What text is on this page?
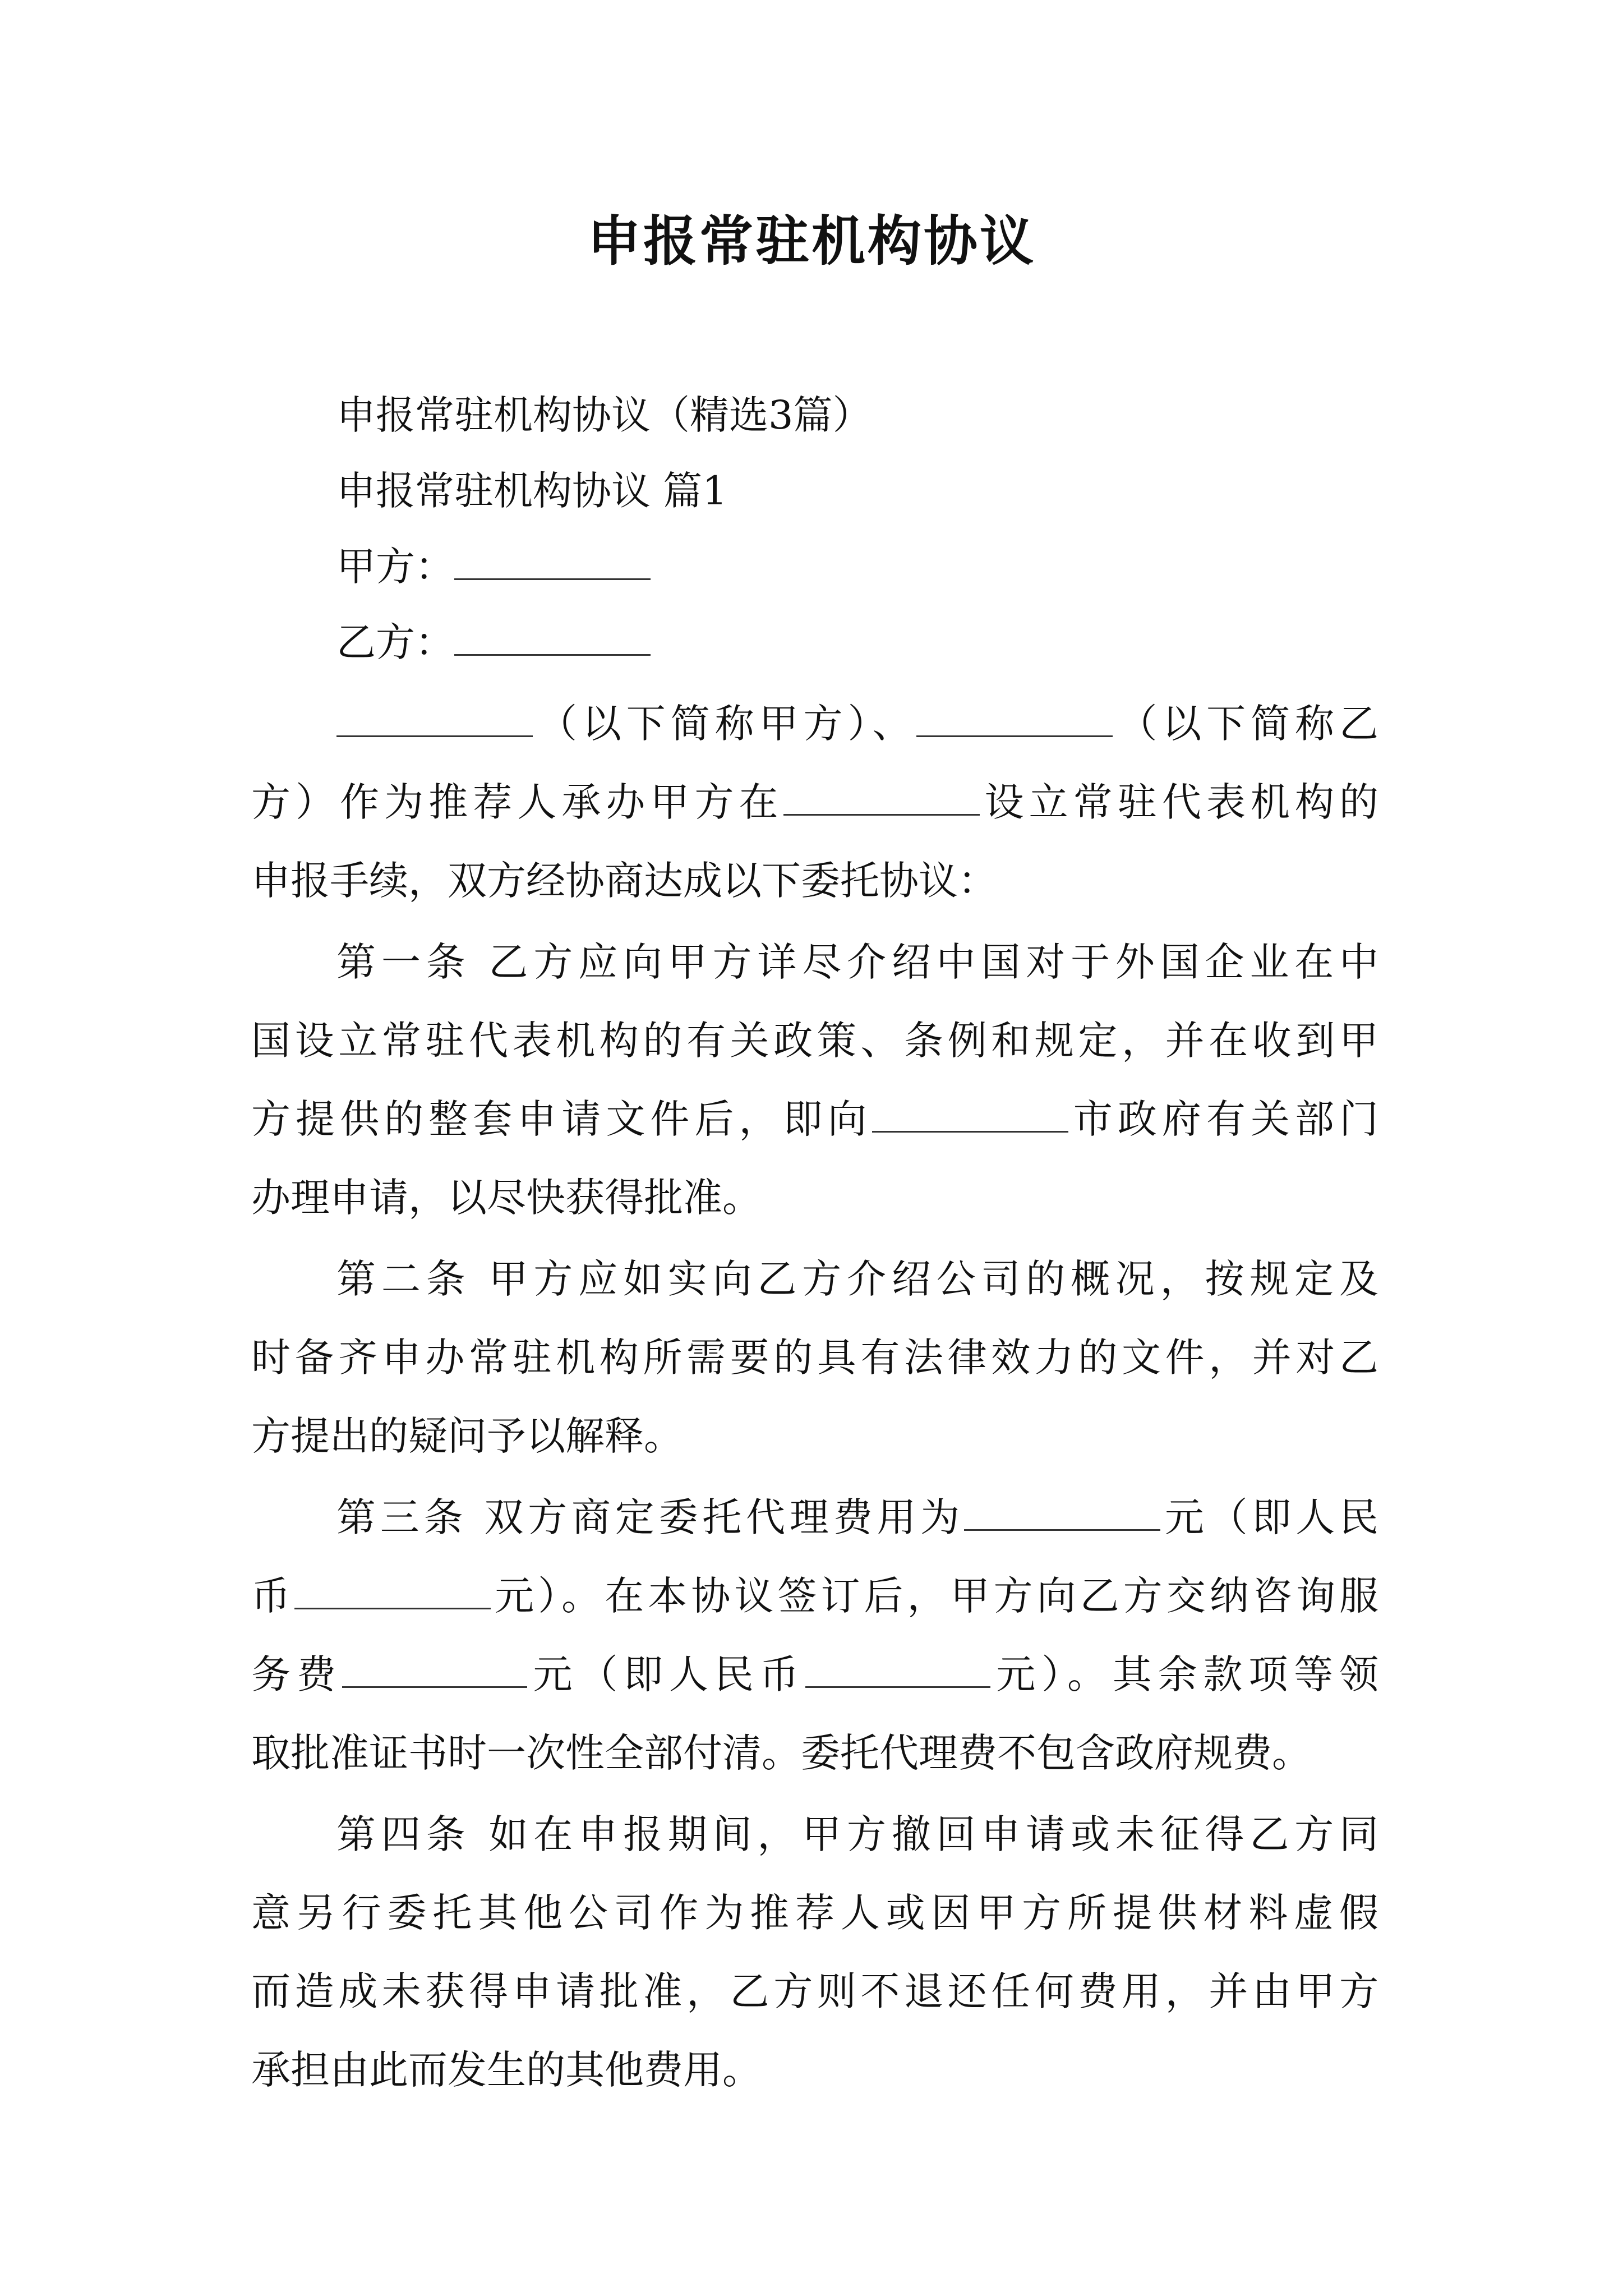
申报常驻机构协议
申报常驻机构协议（精选3篇）
申报常驻机构协议 篇1
甲方：
乙方：
（以下简称甲方）、	（以下简称乙
方）作为推荐人承办甲方在	设立常驻代表机构的
申报手续，双方经协商达成以下委托协议：
第一条 乙方应向甲方详尽介绍中国对于外国企业在中
国设立常驻代表机构的有关政策、条例和规定，并在收到甲
方提供的整套申请文件后，即向	市政府有关部门
办理申请，以尽快获得批准。
第二条 甲方应如实向乙方介绍公司的概况，按规定及
时备齐申办常驻机构所需要的具有法律效力的文件，并对乙
方提出的疑问予以解释。
第三条 双方商定委托代理费用为	元（即人民
币	元）。在本协议签订后，甲方向乙方交纳咨询服
务费	元（即人民币	元）。其余款项等领
取批准证书时一次性全部付清。委托代理费不包含政府规费。
第四条 如在申报期间，甲方撤回申请或未征得乙方同
意另行委托其他公司作为推荐人或因甲方所提供材料虚假
而造成未获得申请批准，乙方则不退还任何费用，并由甲方
承担由此而发生的其他费用。
